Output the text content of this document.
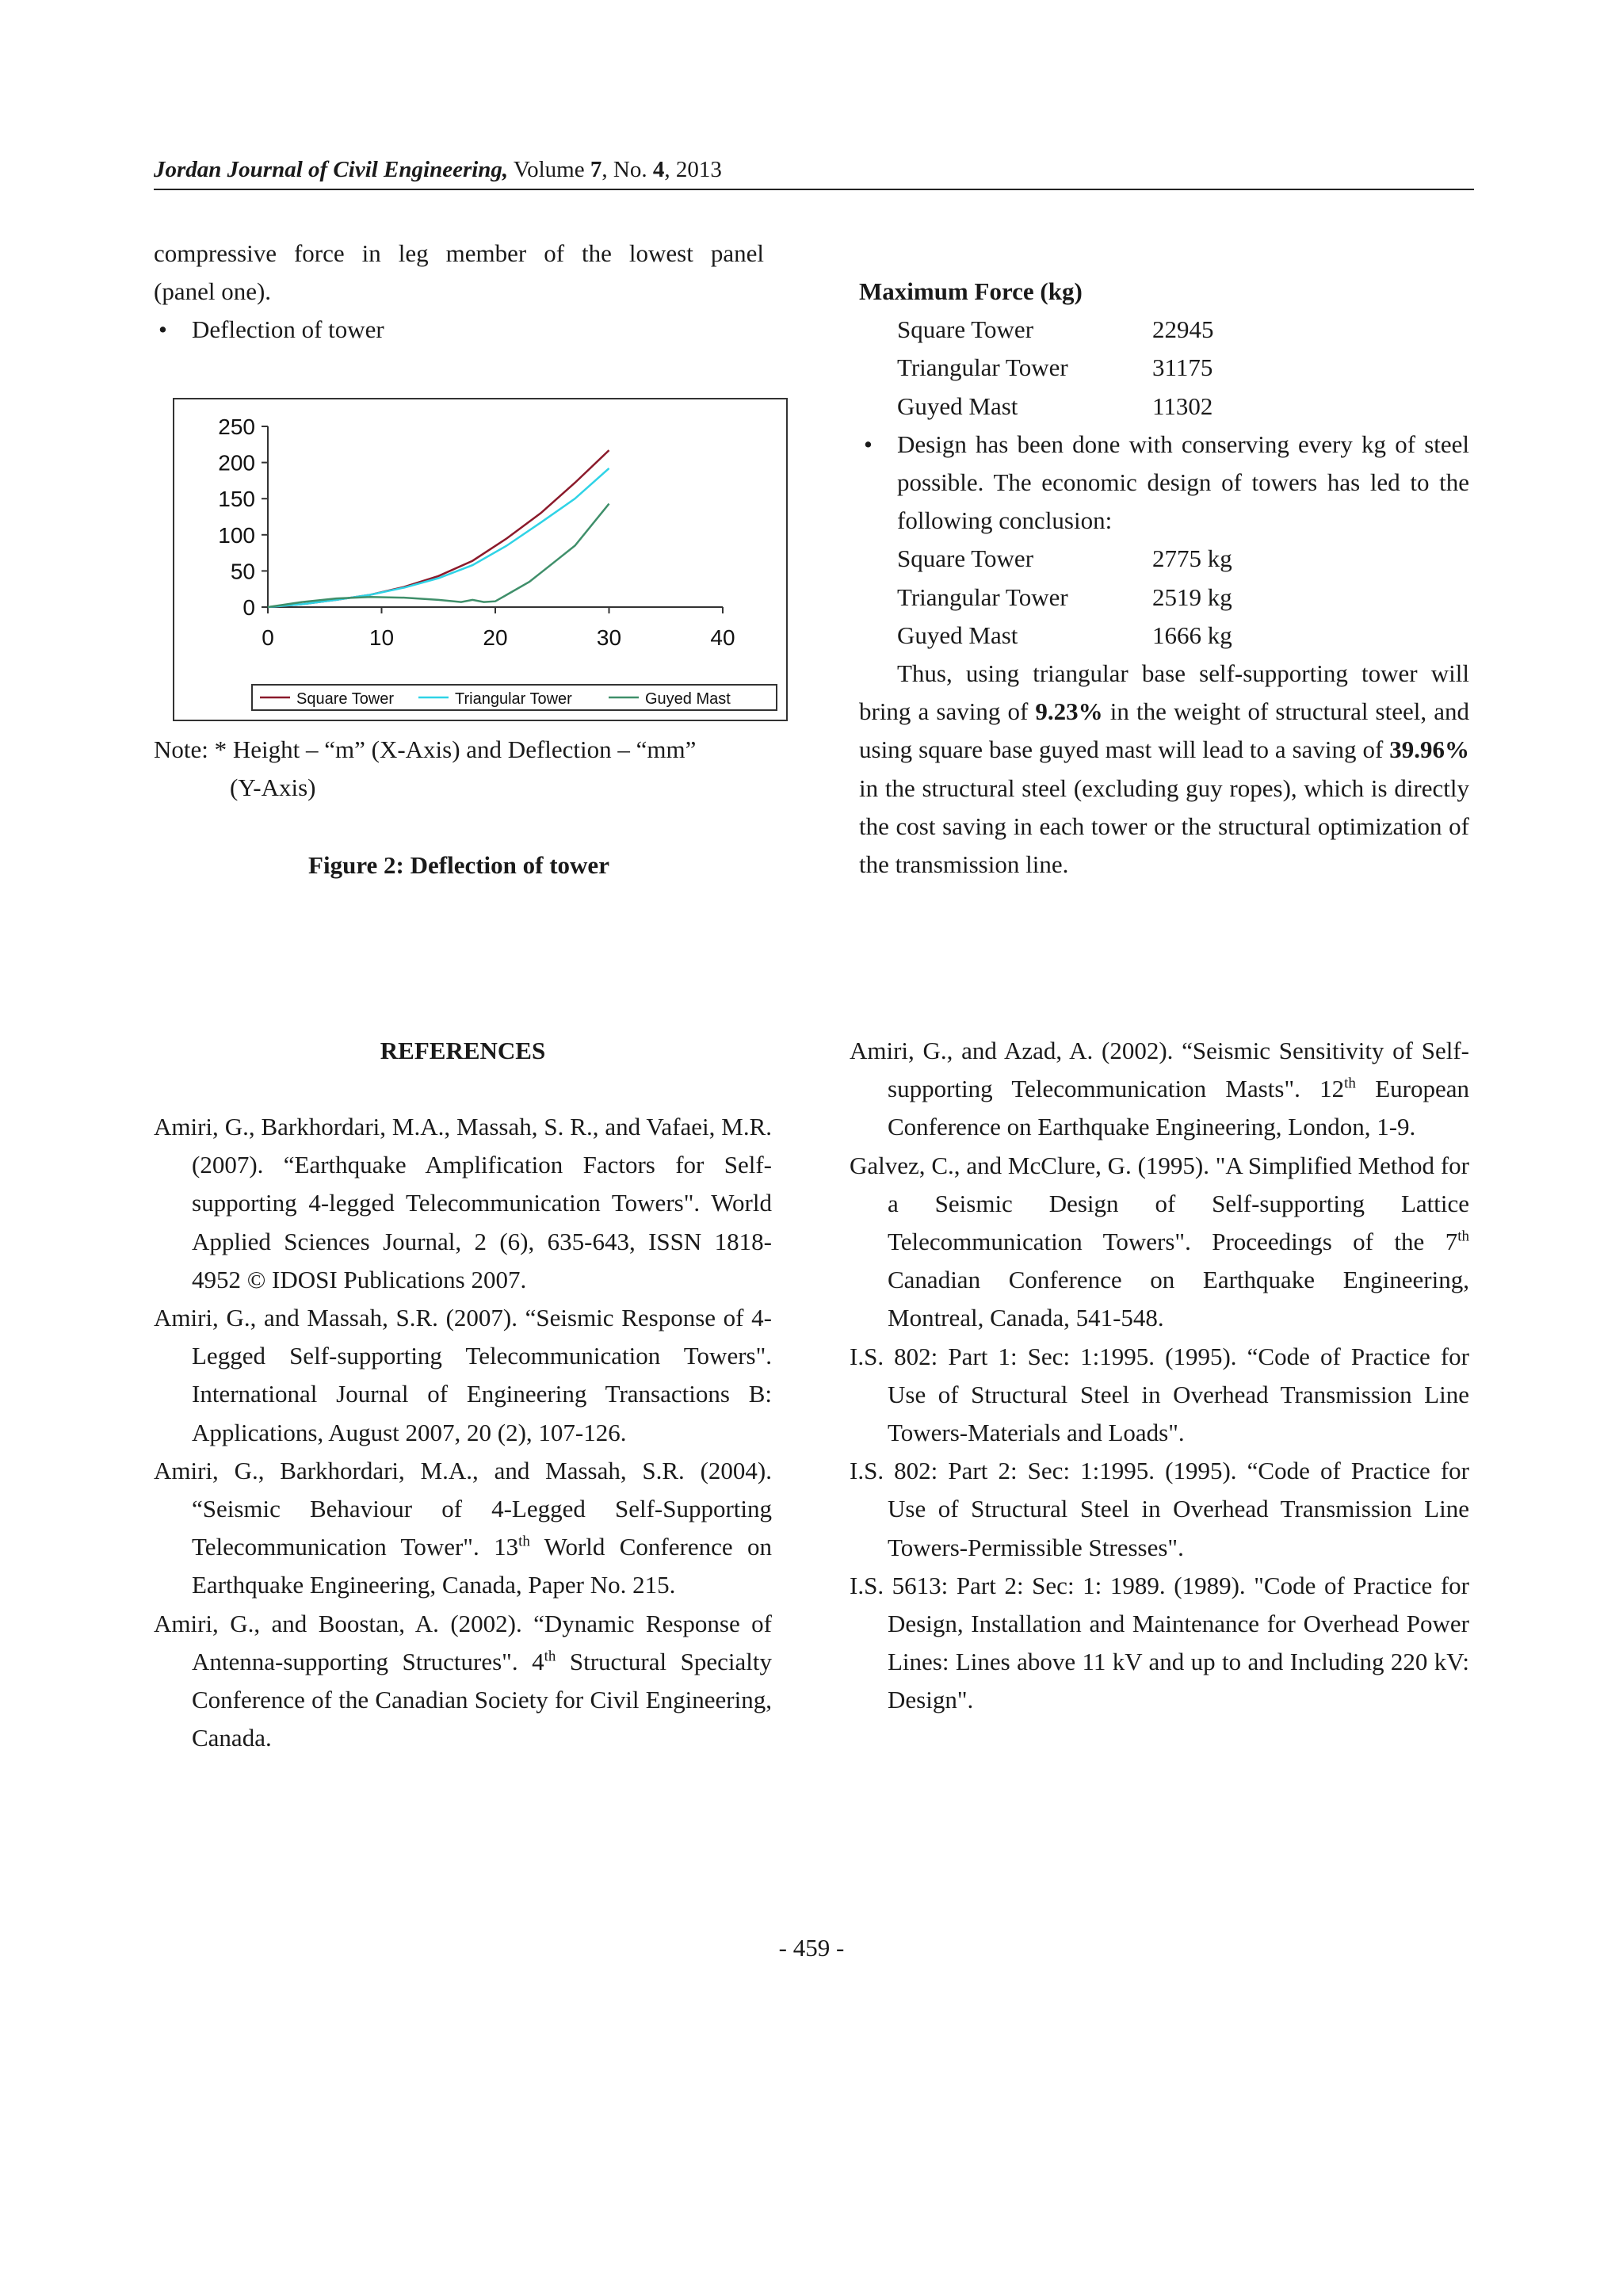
Jordan Journal of Civil Engineering, Volume 7, No. 4, 2013
compressive force in leg member of the lowest panel
(panel one).
• Deflection of tower
0
50
100
150
200
250
0	10	20	30	40
Square Tower	Triangular Tower	Guyed Mast
Note: * Height – “m” (X-Axis) and Deflection – “mm”
(Y-Axis)
Figure 2: Deflection of tower
Maximum Force (kg)
Square Tower	22945
Triangular Tower	31175
Guyed Mast	11302
• Design has been done with conserving every kg of steel possible. The economic design of towers has led to the following conclusion:
Square Tower	2775 kg
Triangular Tower	2519 kg
Guyed Mast	1666 kg
Thus, using triangular base self-supporting tower will bring a saving of 9.23% in the weight of structural steel, and using square base guyed mast will lead to a saving of 39.96% in the structural steel (excluding guy ropes), which is directly the cost saving in each tower or the structural optimization of the transmission line.
REFERENCES

Amiri, G., Barkhordari, M.A., Massah, S. R., and Vafaei, M.R. (2007). “Earthquake Amplification Factors for Self-supporting 4-legged Telecommunication Towers". World Applied Sciences Journal, 2 (6), 635-643, ISSN 1818-4952 © IDOSI Publications 2007.

Amiri, G., and Massah, S.R. (2007). “Seismic Response of 4-Legged Self-supporting Telecommunication Towers". International Journal of Engineering Transactions B: Applications, August 2007, 20 (2), 107-126.

Amiri, G., Barkhordari, M.A., and Massah, S.R. (2004). “Seismic Behaviour of 4-Legged Self-Supporting Telecommunication Tower". 13th World Conference on Earthquake Engineering, Canada, Paper No. 215.

Amiri, G., and Boostan, A. (2002). “Dynamic Response of Antenna-supporting Structures". 4th Structural Specialty Conference of the Canadian Society for Civil Engineering, Canada.

Amiri, G., and Azad, A. (2002). “Seismic Sensitivity of Self-supporting Telecommunication Masts". 12th European Conference on Earthquake Engineering, London, 1-9.

Galvez, C., and McClure, G. (1995). "A Simplified Method for a Seismic Design of Self-supporting Lattice Telecommunication Towers". Proceedings of the 7th Canadian Conference on Earthquake Engineering, Montreal, Canada, 541-548.

I.S. 802: Part 1: Sec: 1:1995. (1995). “Code of Practice for Use of Structural Steel in Overhead Transmission Line Towers-Materials and Loads".

I.S. 802: Part 2: Sec: 1:1995. (1995). “Code of Practice for Use of Structural Steel in Overhead Transmission Line Towers-Permissible Stresses".

I.S. 5613: Part 2: Sec: 1: 1989. (1989). "Code of Practice for Design, Installation and Maintenance for Overhead Power Lines: Lines above 11 kV and up to and Including 220 kV: Design".

- 459 -
